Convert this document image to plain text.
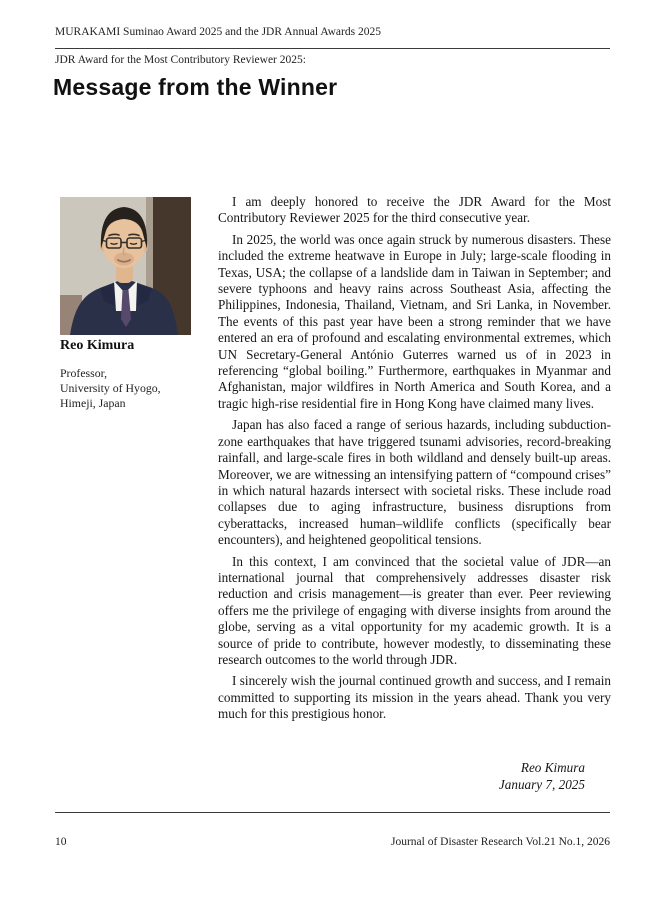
MURAKAMI Suminao Award 2025 and the JDR Annual Awards 2025
JDR Award for the Most Contributory Reviewer 2025:
Message from the Winner
Reo Kimura
Professor,
University of Hyogo,
Himeji, Japan

I am deeply honored to receive the JDR Award for the Most Contributory Reviewer 2025 for the third consecutive year.

In 2025, the world was once again struck by numerous disasters. These included the extreme heatwave in Europe in July; large-scale flooding in Texas, USA; the collapse of a landslide dam in Taiwan in September; and severe typhoons and heavy rains across Southeast Asia, affecting the Philippines, Indonesia, Thailand, Vietnam, and Sri Lanka, in November. The events of this past year have been a strong reminder that we have entered an era of profound and escalating environmental extremes, which UN Secretary-General António Guterres warned us of in 2023 in referencing “global boiling.” Furthermore, earthquakes in Myanmar and Afghanistan, major wildfires in North America and South Korea, and a tragic high-rise residential fire in Hong Kong have claimed many lives.

Japan has also faced a range of serious hazards, including subduction-zone earthquakes that have triggered tsunami advisories, record-breaking rainfall, and large-scale fires in both wildland and densely built-up areas. Moreover, we are witnessing an intensifying pattern of “compound crises” in which natural hazards intersect with societal risks. These include road collapses due to aging infrastructure, business disruptions from cyberattacks, increased human–wildlife conflicts (specifically bear encounters), and heightened geopolitical tensions.

In this context, I am convinced that the societal value of JDR—an international journal that comprehensively addresses disaster risk reduction and crisis management—is greater than ever. Peer reviewing offers me the privilege of engaging with diverse insights from around the globe, serving as a vital opportunity for my academic growth. It is a source of pride to contribute, however modestly, to disseminating these research outcomes to the world through JDR.

I sincerely wish the journal continued growth and success, and I remain committed to supporting its mission in the years ahead. Thank you very much for this prestigious honor.

Reo Kimura
January 7, 2025
10	Journal of Disaster Research Vol.21 No.1, 2026
